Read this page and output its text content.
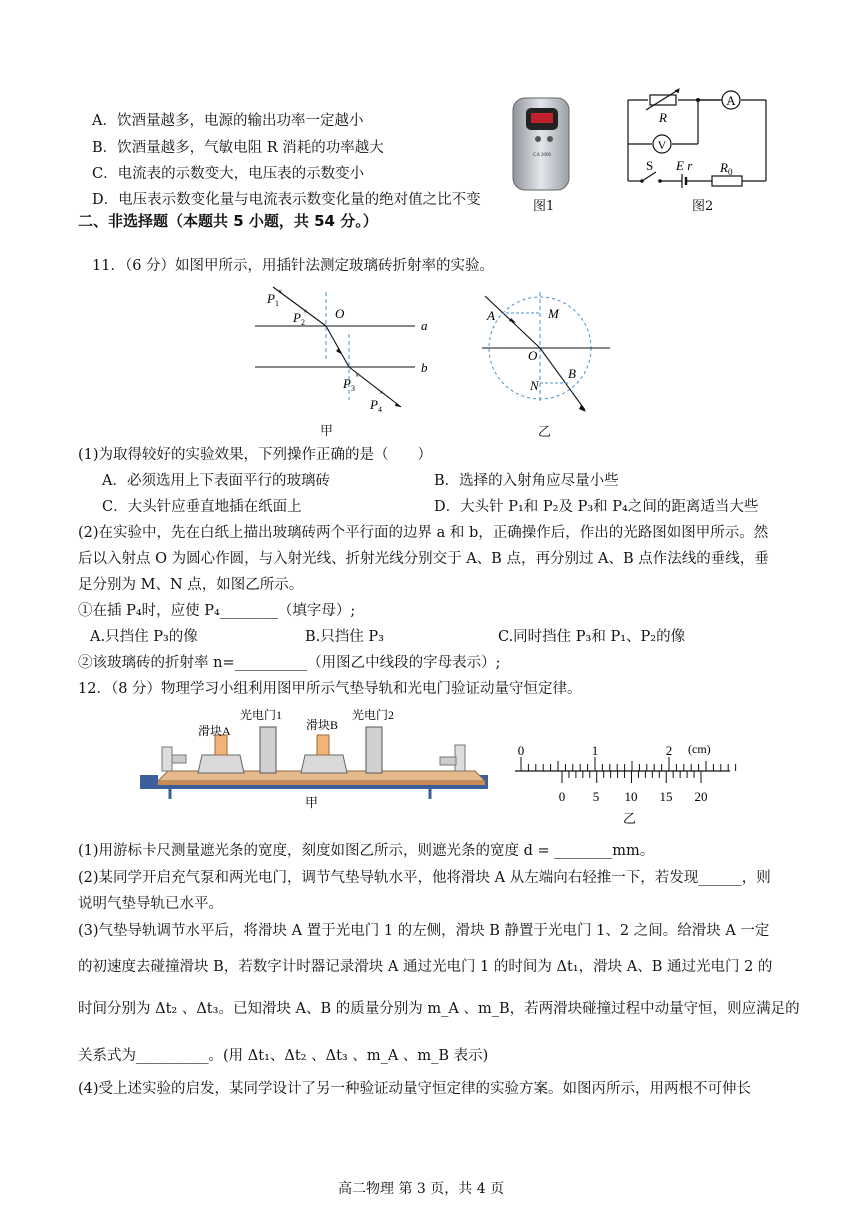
A．饮酒量越多，电源的输出功率一定越小
B．饮酒量越多，气敏电阻 R 消耗的功率越大
C．电流表的示数变大，电压表的示数变小
D．电压表示数变化量与电流表示数变化量的绝对值之比不变
CA 2000
图1
A
V
R
S E r $R_0$
图2
二、非选择题（本题共 5 小题，共 54 分。）
11．（6 分）如图甲所示，用插针法测定玻璃砖折射率的实验。
×
×
×
×
$P_1$
$P_2$
O
a
b
$P_3$
$P_4$
甲
A	M
O
N
B
乙
(1)为取得较好的实验效果，下列操作正确的是（　　）
A．必须选用上下表面平行的玻璃砖	B．选择的入射角应尽量小些
C．大头针应垂直地插在纸面上	D．大头针 P₁和 P₂及 P₃和 P₄之间的距离适当大些
(2)在实验中，先在白纸上描出玻璃砖两个平行面的边界 a 和 b，正确操作后，作出的光路图如图甲所示。然
后以入射点 O 为圆心作圆，与入射光线、折射光线分别交于 A、B 点，再分别过 A、B 点作法线的垂线，垂
足分别为 M、N 点，如图乙所示。
①在插 P₄时，应使 P₄________（填字母）;
A.只挡住 P₃的像	B.只挡住 P₃	C.同时挡住 P₃和 P₁、P₂的像
②该玻璃砖的折射率 n=__________（用图乙中线段的字母表示）;
12．（8 分）物理学习小组利用图甲所示气垫导轨和光电门验证动量守恒定律。
光电门1
滑块A	滑块B
光电门2
甲
0	1	2 (cm)
0 5 10 15 20
乙
(1)用游标卡尺测量遮光条的宽度，刻度如图乙所示，则遮光条的宽度 d = ________mm。
(2)某同学开启充气泵和两光电门，调节气垫导轨水平，他将滑块 A 从左端向右轻推一下，若发现______，则
说明气垫导轨已水平。
(3)气垫导轨调节水平后，将滑块 A 置于光电门 1 的左侧，滑块 B 静置于光电门 1、2 之间。给滑块 A 一定
的初速度去碰撞滑块 B，若数字计时器记录滑块 A 通过光电门 1 的时间为 Δt₁，滑块 A、B 通过光电门 2 的
时间分别为 Δt₂ 、Δt₃。已知滑块 A、B 的质量分别为 m_A 、m_B，若两滑块碰撞过程中动量守恒，则应满足的
关系式为__________。(用 Δt₁、Δt₂ 、Δt₃ 、m_A 、m_B 表示)
(4)受上述实验的启发，某同学设计了另一种验证动量守恒定律的实验方案。如图丙所示，用两根不可伸长
高二物理 第 3 页，共 4 页
